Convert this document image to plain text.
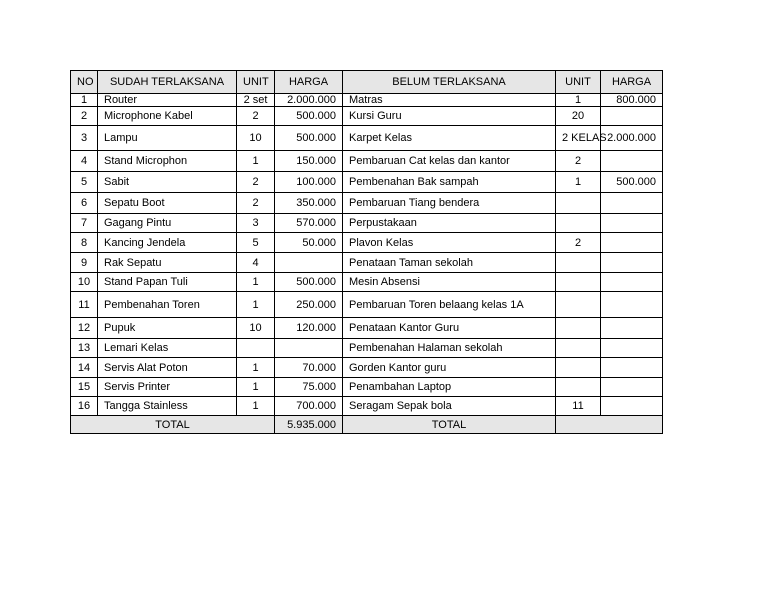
NO	SUDAH TERLAKSANA	UNIT	HARGA	BELUM TERLAKSANA	UNIT	HARGA
1	Router	2 set	2.000.000	Matras	1	800.000
2	Microphone Kabel	2	500.000	Kursi Guru	20	
3	Lampu	10	500.000	Karpet Kelas	2 KELAS	2.000.000
4	Stand Microphon	1	150.000	Pembaruan Cat kelas dan kantor	2	
5	Sabit	2	100.000	Pembenahan Bak sampah	1	500.000
6	Sepatu Boot	2	350.000	Pembaruan Tiang bendera		
7	Gagang Pintu	3	570.000	Perpustakaan		
8	Kancing Jendela	5	50.000	Plavon Kelas	2	
9	Rak Sepatu	4		Penataan Taman sekolah		
10	Stand Papan Tuli	1	500.000	Mesin Absensi		
11	Pembenahan Toren	1	250.000	Pembaruan Toren belaang kelas 1A		
12	Pupuk	10	120.000	Penataan Kantor Guru		
13	Lemari Kelas			Pembenahan Halaman sekolah		
14	Servis Alat Poton	1	70.000	Gorden Kantor guru		
15	Servis Printer	1	75.000	Penambahan Laptop		
16	Tangga Stainless	1	700.000	Seragam Sepak bola	11	
TOTAL			5.935.000	TOTAL		
